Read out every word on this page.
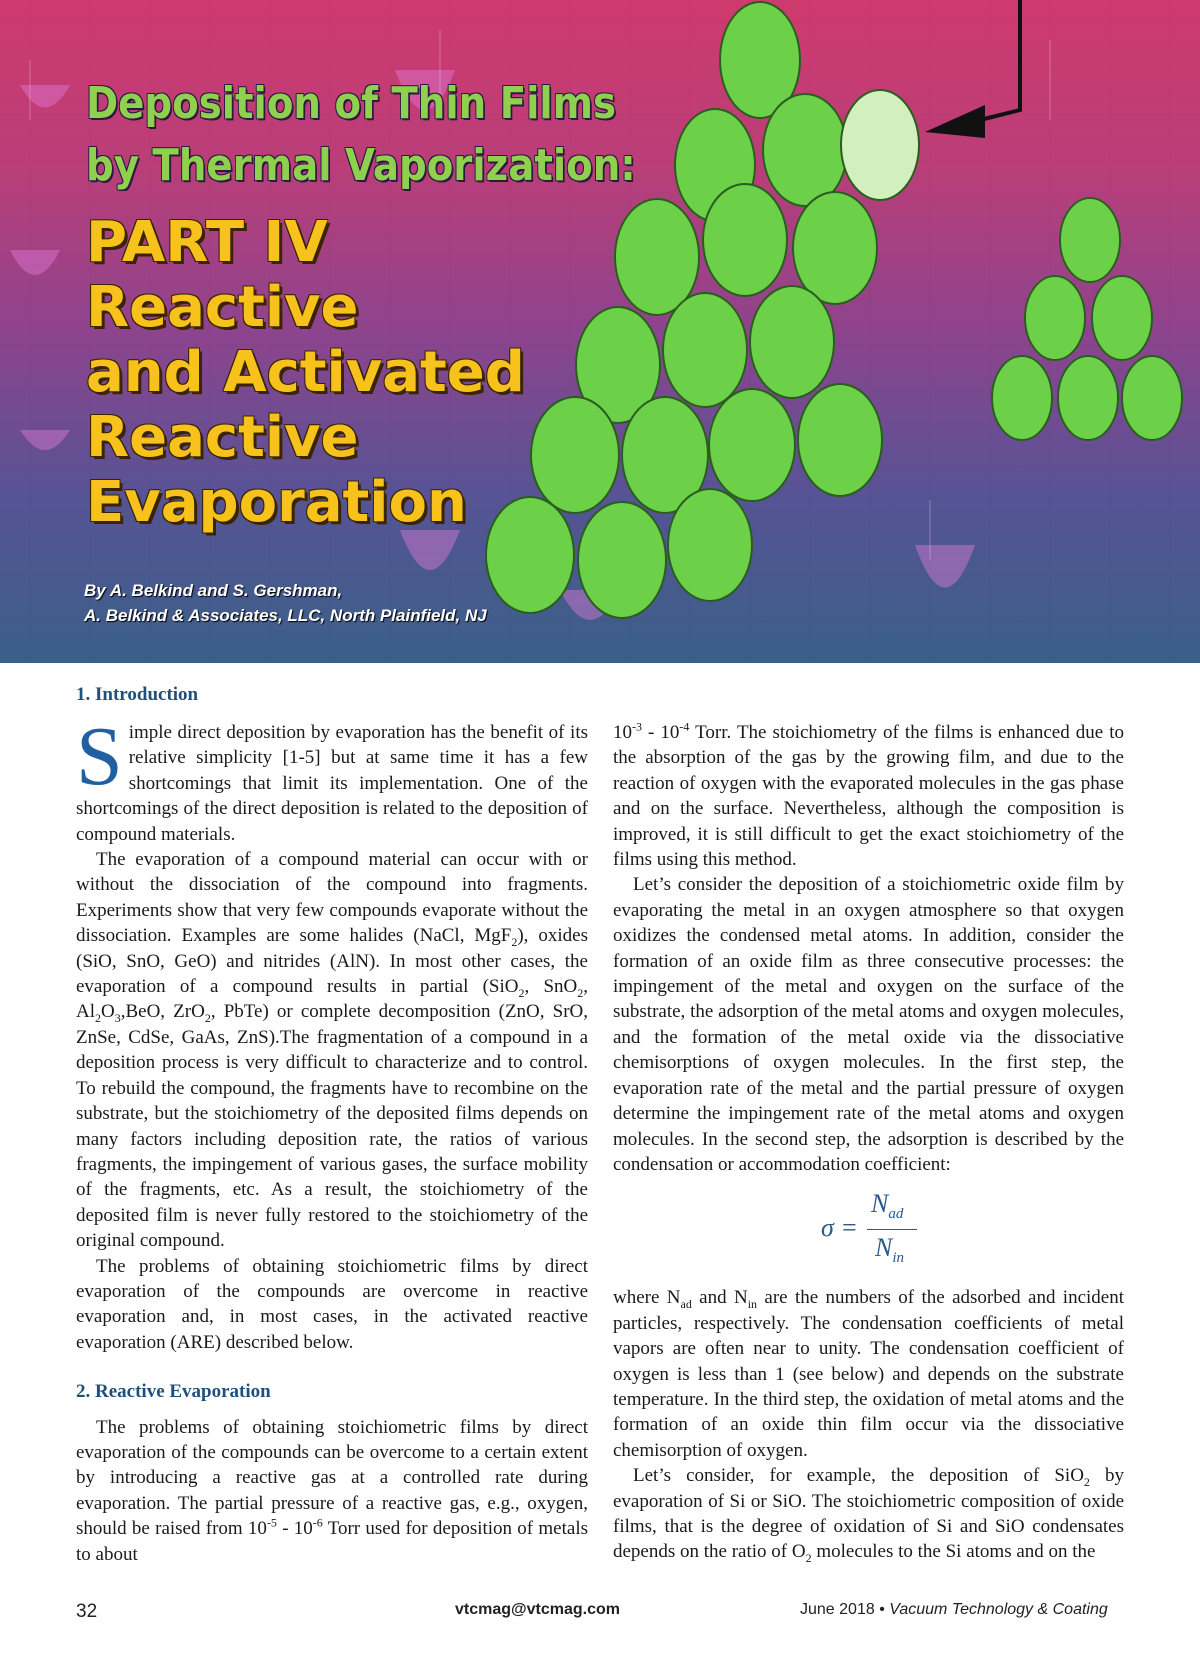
Deposition of Thin Films
by Thermal Vaporization:
PART IV
Reactive
and Activated
Reactive
Evaporation
By A. Belkind and S. Gershman,
A. Belkind & Associates, LLC, North Plainfield, NJ
1. Introduction

Simple direct deposition by evaporation has the benefit of its relative simplicity [1-5] but at same time it has a few shortcomings that limit its implementation. One of the shortcomings of the direct deposition is related to the deposition of compound materials.

The evaporation of a compound material can occur with or without the dissociation of the compound into fragments. Experiments show that very few compounds evaporate without the dissociation. Examples are some halides (NaCl, MgF$_2$), oxides (SiO, SnO, GeO) and nitrides (AlN). In most other cases, the evaporation of a compound results in partial (SiO$_2$, SnO$_2$, $Al_2O_3,BeO$, ZrO$_2$, PbTe) or complete decomposition (ZnO, SrO, ZnSe, CdSe, GaAs, ZnS).The fragmentation of a compound in a deposition process is very difficult to characterize and to control. To rebuild the compound, the fragments have to recombine on the substrate, but the stoichiometry of the deposited films depends on many factors including deposition rate, the ratios of various fragments, the impingement of various gases, the surface mobility of the fragments, etc. As a result, the stoichiometry of the deposited film is never fully restored to the stoichiometry of the original compound.

The problems of obtaining stoichiometric films by direct evaporation of the compounds are overcome in reactive evaporation and, in most cases, in the activated reactive evaporation (ARE) described below.

2. Reactive Evaporation

The problems of obtaining stoichiometric films by direct evaporation of the compounds can be overcome to a certain extent by introducing a reactive gas at a controlled rate during evaporation. The partial pressure of a reactive gas, e.g., oxygen, should be raised from $10^{-5} - 10^{-6}$ Torr used for deposition of metals to about

$10^{-3} - 10^{-4}$ Torr. The stoichiometry of the films is enhanced due to the absorption of the gas by the growing film, and due to the reaction of oxygen with the evaporated molecules in the gas phase and on the surface. Nevertheless, although the composition is improved, it is still difficult to get the exact stoichiometry of the films using this method.

Let’s consider the deposition of a stoichiometric oxide film by evaporating the metal in an oxygen atmosphere so that oxygen oxidizes the condensed metal atoms. In addition, consider the formation of an oxide film as three consecutive processes: the impingement of the metal and oxygen on the surface of the substrate, the adsorption of the metal atoms and oxygen molecules, and the formation of the metal oxide via the dissociative chemisorptions of oxygen molecules. In the first step, the evaporation rate of the metal and the partial pressure of oxygen determine the impingement rate of the metal atoms and oxygen molecules. In the second step, the adsorption is described by the condensation or accommodation coefficient:

σ =
$N_{ad}$
$N_{in}$

where $N_{ad}$ and $N_{in}$ are the numbers of the adsorbed and incident particles, respectively. The condensation coefficients of metal vapors are often near to unity. The condensation coefficient of oxygen is less than 1 (see below) and depends on the substrate temperature. In the third step, the oxidation of metal atoms and the formation of an oxide thin film occur via the dissociative chemisorption of oxygen.

Let’s consider, for example, the deposition of SiO$_2$ by evaporation of Si or SiO. The stoichiometric composition of oxide films, that is the degree of oxidation of Si and SiO condensates depends on the ratio of $O_2$ molecules to the Si atoms and on the

32	vtcmag@vtcmag.com	June 2018 • Vacuum Technology & Coating
